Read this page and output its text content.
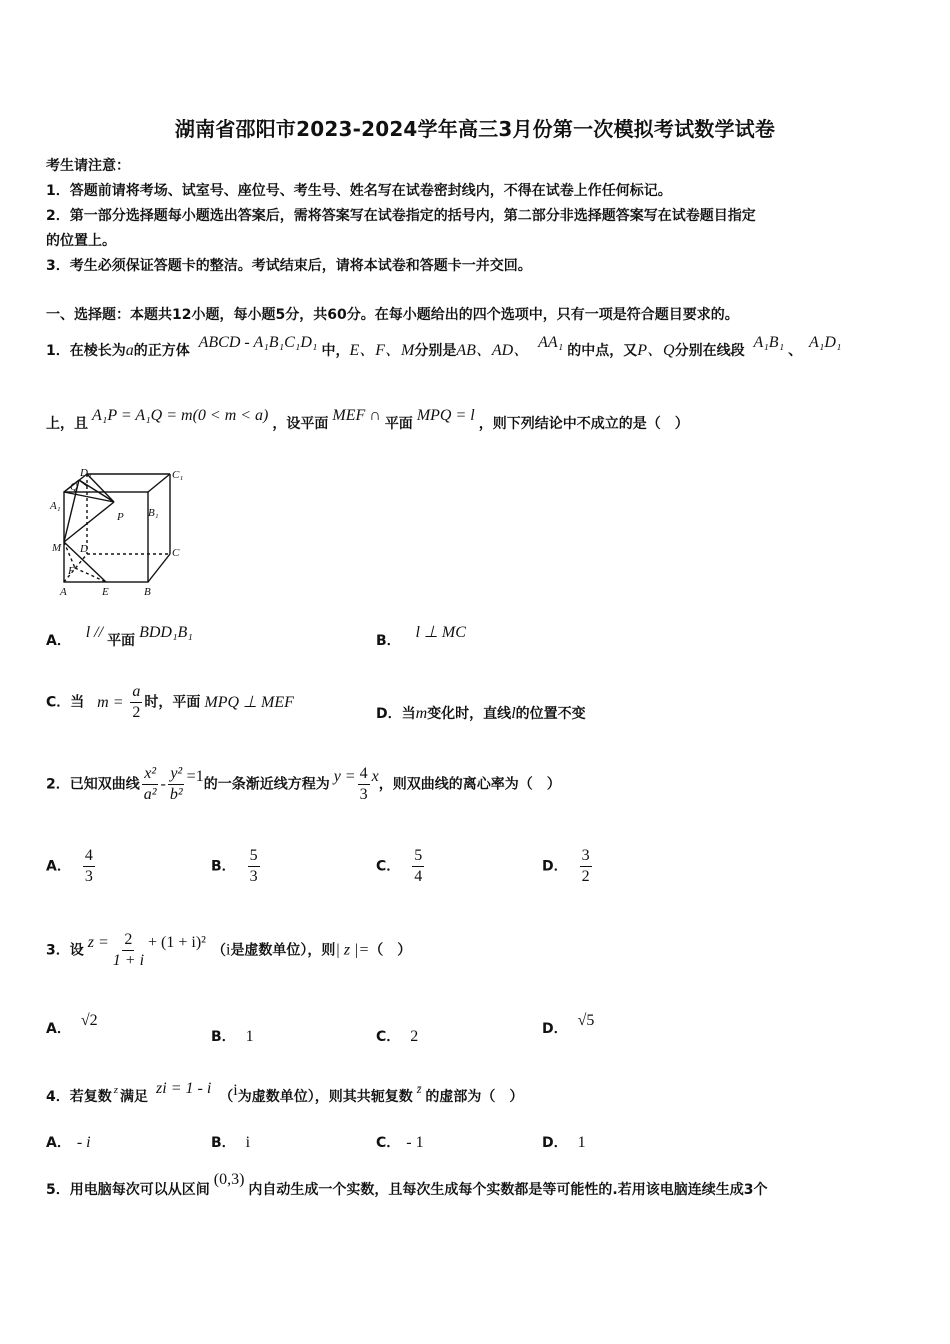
湖南省邵阳市2023-2024学年高三3月份第一次模拟考试数学试卷
考生请注意：
1．答题前请将考场、试室号、座位号、考生号、姓名写在试卷密封线内，不得在试卷上作任何标记。
2．第一部分选择题每小题选出答案后，需将答案写在试卷指定的括号内，第二部分非选择题答案写在试卷题目指定
的位置上。
3．考生必须保证答题卡的整洁。考试结束后，请将本试卷和答题卡一并交回。
一、选择题：本题共12小题，每小题5分，共60分。在每小题给出的四个选项中，只有一项是符合题目要求的。
1．在棱长为a的正方体 ABCD - A₁B₁C₁D₁ 中，E、F、M分别是AB、AD、 AA₁ 的中点，又P、Q分别在线段 A₁B₁ 、 A₁D₁
上，且 A₁P = A₁Q = m(0 < m < a) ，设平面 MEF ∩ 平面 MPQ = l ，则下列结论中不成立的是（　）
D₁	C₁
Q
A₁
P B₁
M D	C
F
A	E	B
A． l // 平面 BDD₁B₁	B． l ⊥ MC
C．当 $m = \frac{a}{2}$ 时，平面 MPQ ⊥ MEF
D．当m变化时，直线l的位置不变
2．已知双曲线 $\frac{\text{x²}}{\text{a²}} - \frac{\text{y²}}{\text{b²}} =1$的一条渐近线方程为 $y = \frac{4}{3}$ x，则双曲线的离心率为（　）
A． $\frac{4}{3}$	B． $\frac{5}{3}$	C． $\frac{5}{4}$	D． $\frac{3}{2}$
3．设 $z = \frac{2}{1 + i} + (1 + i)^2$ （i是虚数单位），则| z |=（　）
A． √2
B． 1	C． 2	D． √5
4．若复数 $^z$ 满足 zi = 1 - i （i为虚数单位），则其共轭复数 z̄ 的虚部为（　）
A． - i	B． i	C． - 1	D． 1
5．用电脑每次可以从区间(0,3)内自动生成一个实数，且每次生成每个实数都是等可能性的.若用该电脑连续生成3个
